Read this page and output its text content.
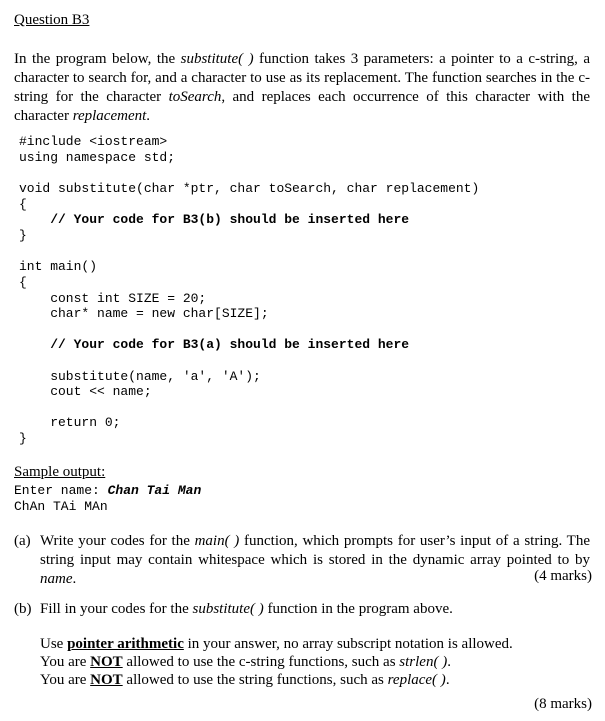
Question B3
In the program below, the substitute( ) function takes 3 parameters: a pointer to a c-string, a character to search for, and a character to use as its replacement. The function searches in the c-string for the character toSearch, and replaces each occurrence of this character with the character replacement.
#include <iostream>
using namespace std;
void substitute(char *ptr, char toSearch, char replacement)
{
// Your code for B3(b) should be inserted here
}
int main()
{
const int SIZE = 20;
char* name = new char[SIZE];
// Your code for B3(a) should be inserted here
substitute(name, 'a', 'A');
cout << name;
return 0;
}
Sample output:
Enter name: Chan Tai Man
ChAn TAi MAn
(a) Write your codes for the main( ) function, which prompts for user’s input of a string. The string input may contain whitespace which is stored in the dynamic array pointed to by name.	(4 marks)
(b) Fill in your codes for the substitute( ) function in the program above.
Use pointer arithmetic in your answer, no array subscript notation is allowed.
You are NOT allowed to use the c-string functions, such as strlen( ).
You are NOT allowed to use the string functions, such as replace( ).
(8 marks)
